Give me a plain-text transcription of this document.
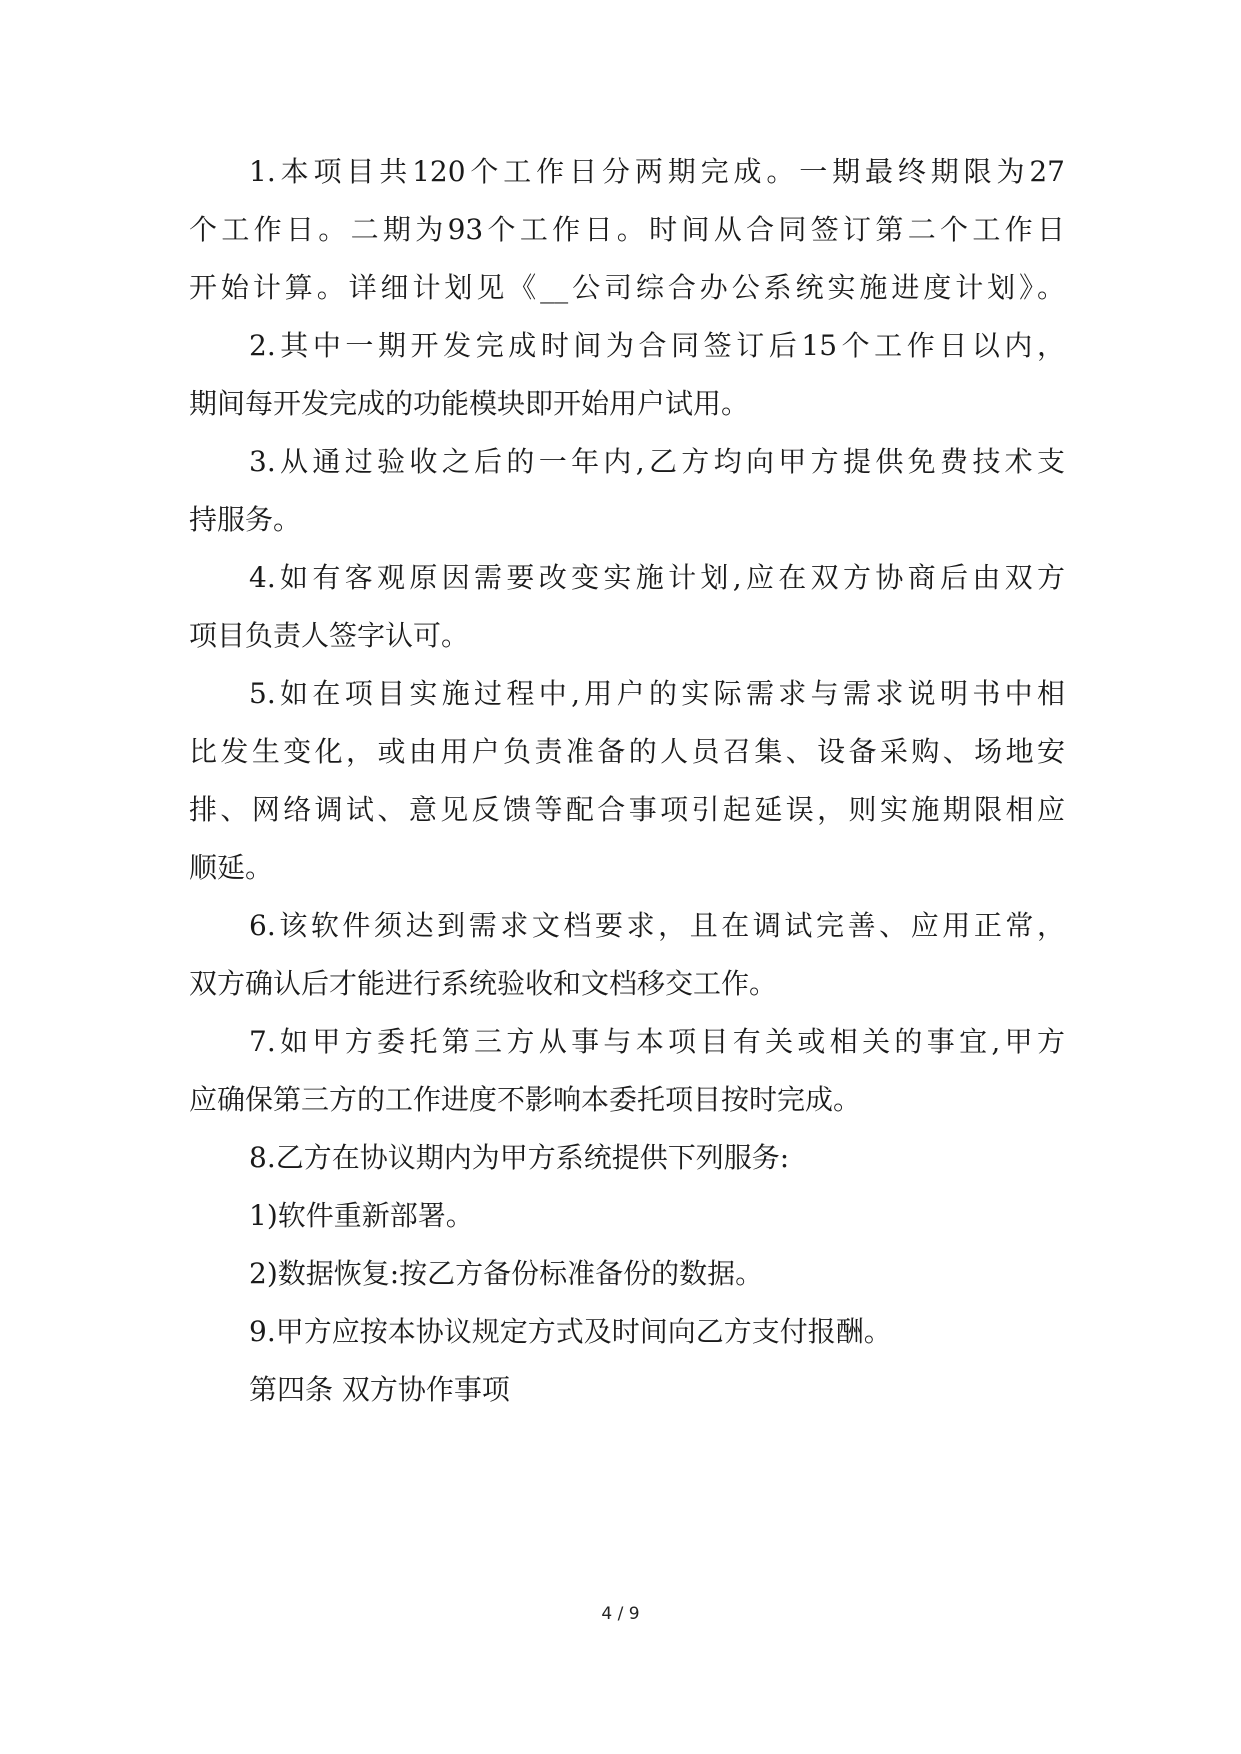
1.本项目共120个工作日分两期完成。一期最终期限为27
个工作日。二期为93个工作日。时间从合同签订第二个工作日
开始计算。详细计划见《__公司综合办公系统实施进度计划》。
2.其中一期开发完成时间为合同签订后15个工作日以内，
期间每开发完成的功能模块即开始用户试用。
3.从通过验收之后的一年内,乙方均向甲方提供免费技术支
持服务。
4.如有客观原因需要改变实施计划,应在双方协商后由双方
项目负责人签字认可。
5.如在项目实施过程中,用户的实际需求与需求说明书中相
比发生变化，或由用户负责准备的人员召集、设备采购、场地安
排、网络调试、意见反馈等配合事项引起延误，则实施期限相应
顺延。
6.该软件须达到需求文档要求，且在调试完善、应用正常，
双方确认后才能进行系统验收和文档移交工作。
7.如甲方委托第三方从事与本项目有关或相关的事宜,甲方
应确保第三方的工作进度不影响本委托项目按时完成。
8.乙方在协议期内为甲方系统提供下列服务:
1)软件重新部署。
2)数据恢复:按乙方备份标准备份的数据。
9.甲方应按本协议规定方式及时间向乙方支付报酬。
第四条 双方协作事项
4 / 9
